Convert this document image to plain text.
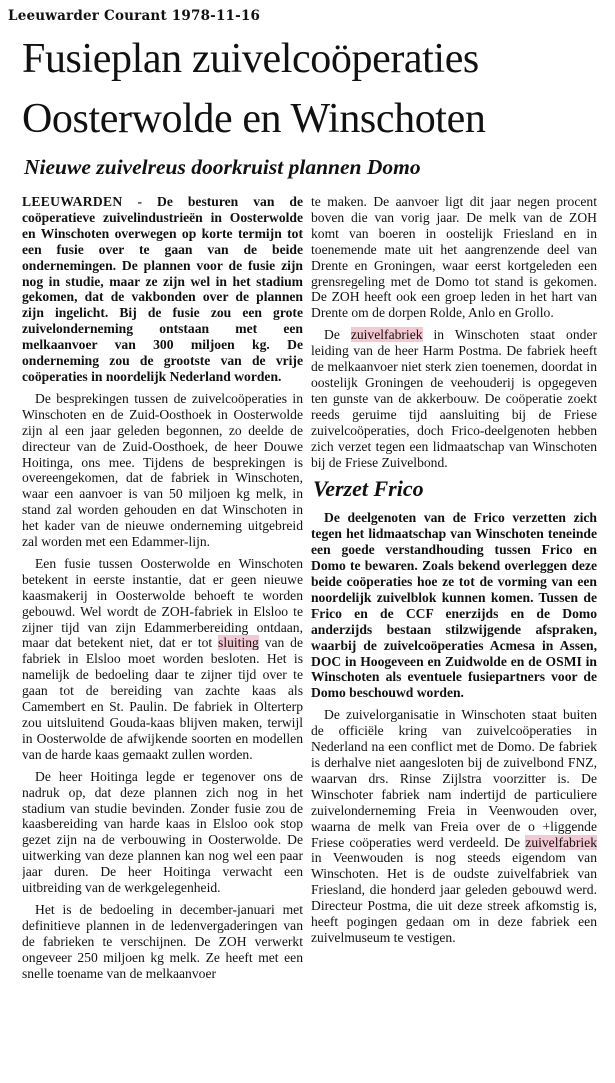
Leeuwarder Courant 1978-11-16
Fusieplan zuivelcoöperaties
Oosterwolde en Winschoten
Nieuwe zuivelreus doorkruist plannen Domo

LEEUWARDEN - De besturen van de coöperatieve zuivelindustrieën in Oosterwolde en Winschoten overwegen op korte termijn tot een fusie over te gaan van de beide ondernemingen. De plannen voor de fusie zijn nog in studie, maar ze zijn wel in het stadium gekomen, dat de vakbonden over de plannen zijn ingelicht. Bij de fusie zou een grote zuivelonderneming ontstaan met een melkaanvoer van 300 miljoen kg. De onderneming zou de grootste van de vrije coöperaties in noordelijk Nederland worden.

De besprekingen tussen de zuivelcoöperaties in Winschoten en de Zuid-Oosthoek in Oosterwolde zijn al een jaar geleden begonnen, zo deelde de directeur van de Zuid-Oosthoek, de heer Douwe Hoitinga, ons mee. Tijdens de besprekingen is overeengekomen, dat de fabriek in Winschoten, waar een aanvoer is van 50 miljoen kg melk, in stand zal worden gehouden en dat Winschoten in het kader van de nieuwe onderneming uitgebreid zal worden met een Edammer-lijn.

Een fusie tussen Oosterwolde en Winschoten betekent in eerste instantie, dat er geen nieuwe kaasmakerij in Oosterwolde behoeft te worden gebouwd. Wel wordt de ZOH-fabriek in Elsloo te zijner tijd van zijn Edammerbereiding ontdaan, maar dat betekent niet, dat er tot sluiting van de fabriek in Elsloo moet worden besloten. Het is namelijk de bedoeling daar te zijner tijd over te gaan tot de bereiding van zachte kaas als Camembert en St. Paulin. De fabriek in Olterterp zou uitsluitend Gouda-kaas blijven maken, terwijl in Oosterwolde de afwijkende soorten en modellen van de harde kaas gemaakt zullen worden.

De heer Hoitinga legde er tegenover ons de nadruk op, dat deze plannen zich nog in het stadium van studie bevinden. Zonder fusie zou de kaasbereiding van harde kaas in Elsloo ook stop gezet zijn na de verbouwing in Oosterwolde. De uitwerking van deze plannen kan nog wel een paar jaar duren. De heer Hoitinga verwacht een uitbreiding van de werkgelegenheid.

Het is de bedoeling in december-januari met definitieve plannen in de ledenvergaderingen van de fabrieken te verschijnen. De ZOH verwerkt ongeveer 250 miljoen kg melk. Ze heeft met een snelle toename van de melkaanvoer

te maken. De aanvoer ligt dit jaar negen procent boven die van vorig jaar. De melk van de ZOH komt van boeren in oostelijk Friesland en in toenemende mate uit het aangrenzende deel van Drente en Groningen, waar eerst kortgeleden een grensregeling met de Domo tot stand is gekomen. De ZOH heeft ook een groep leden in het hart van Drente om de dorpen Rolde, Anlo en Grollo.

De zuivelfabriek in Winschoten staat onder leiding van de heer Harm Postma. De fabriek heeft de melkaanvoer niet sterk zien toenemen, doordat in oostelijk Groningen de veehouderij is opgegeven ten gunste van de akkerbouw. De coöperatie zoekt reeds geruime tijd aansluiting bij de Friese zuivelcoöperaties, doch Frico-deelgenoten hebben zich verzet tegen een lidmaatschap van Winschoten bij de Friese Zuivelbond.

Verzet Frico

De deelgenoten van de Frico verzetten zich tegen het lidmaatschap van Winschoten teneinde een goede verstandhouding tussen Frico en Domo te bewaren. Zoals bekend overleggen deze beide coöperaties hoe ze tot de vorming van een noordelijk zuivelblok kunnen komen. Tussen de Frico en de CCF enerzijds en de Domo anderzijds bestaan stilzwijgende afspraken, waarbij de zuivelcoöperaties Acmesa in Assen, DOC in Hoogeveen en Zuidwolde en de OSMI in Winschoten als eventuele fusiepartners voor de Domo beschouwd worden.

De zuivelorganisatie in Winschoten staat buiten de officiële kring van zuivelcoöperaties in Nederland na een conflict met de Domo. De fabriek is derhalve niet aangesloten bij de zuivelbond FNZ, waarvan drs. Rinse Zijlstra voorzitter is. De Winschoter fabriek nam indertijd de particuliere zuivelonderneming Freia in Veenwouden over, waarna de melk van Freia over de o +liggende Friese coöperaties werd verdeeld. De zuivelfabriek in Veenwouden is nog steeds eigendom van Winschoten. Het is de oudste zuivelfabriek van Friesland, die honderd jaar geleden gebouwd werd. Directeur Postma, die uit deze streek afkomstig is, heeft pogingen gedaan om in deze fabriek een zuivelmuseum te vestigen.
